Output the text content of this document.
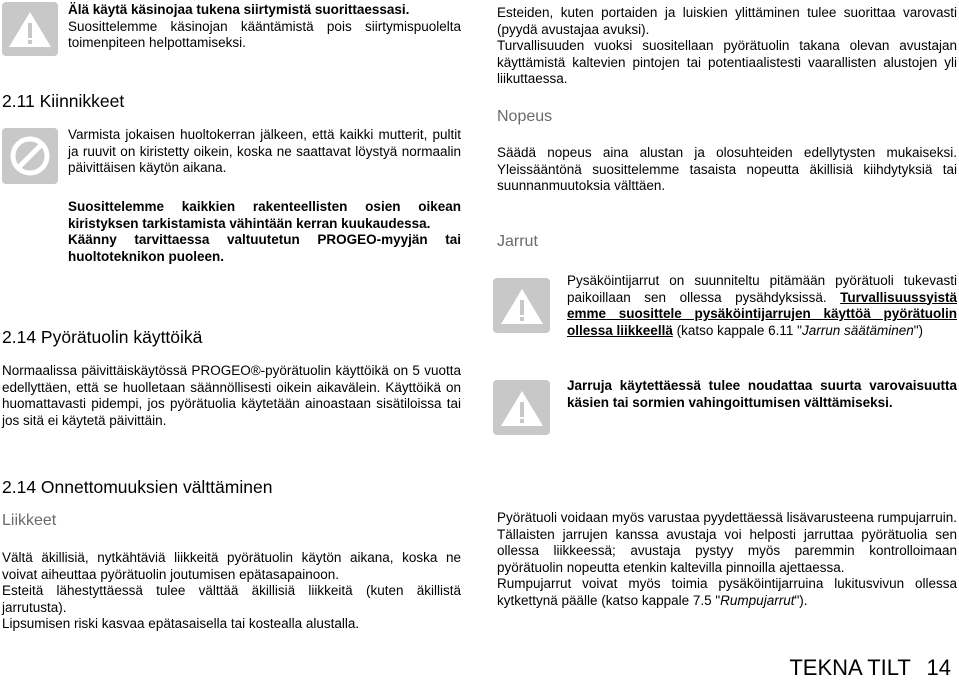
Älä käytä käsinojaa tukena siirtymistä suorittaessasi.

Suosittelemme käsinojan kääntämistä pois siirtymispuolelta toimenpiteen helpottamiseksi.

2.11 Kiinnikkeet

Varmista jokaisen huoltokerran jälkeen, että kaikki mutterit, pultit ja ruuvit on kiristetty oikein, koska ne saattavat löystyä normaalin päivittäisen käytön aikana.

Suosittelemme kaikkien rakenteellisten osien oikean kiristyksen tarkistamista vähintään kerran kuukaudessa.

Käänny tarvittaessa valtuutetun PROGEO-myyjän tai huoltoteknikon puoleen.

2.14 Pyörätuolin käyttöikä

Normaalissa päivittäiskäytössä PROGEO®-pyörätuolin käyttöikä on 5 vuotta edellyttäen, että se huolletaan säännöllisesti oikein aikavälein. Käyttöikä on huomattavasti pidempi, jos pyörätuolia käytetään ainoastaan sisätiloissa tai jos sitä ei käytetä päivittäin.

Esteiden, kuten portaiden ja luiskien ylittäminen tulee suorittaa varovasti (pyydä avustajaa avuksi).

Turvallisuuden vuoksi suositellaan pyörätuolin takana olevan avustajan käyttämistä kaltevien pintojen tai potentiaalistesti vaarallisten alustojen yli liikuttaessa.

Nopeus

Säädä nopeus aina alustan ja olosuhteiden edellytysten mukaiseksi. Yleissääntönä suosittelemme tasaista nopeutta äkillisiä kiihdytyksiä tai suunnanmuutoksia välttäen.

Jarrut

Pysäköintijarrut on suunniteltu pitämään pyörätuoli tukevasti paikoillaan sen ollessa pysähdyksissä. Turvallisuussyistä emme suosittele pysäköintijarrujen käyttöä pyörätuolin ollessa liikkeellä (katso kappale 6.11 "Jarrun säätäminen")

Jarruja käytettäessä tulee noudattaa suurta varovaisuutta käsien tai sormien vahingoittumisen välttämiseksi.

2.14 Onnettomuuksien välttäminen
Liikkeet

Vältä äkillisiä, nytkähtäviä liikkeitä pyörätuolin käytön aikana, koska ne voivat aiheuttaa pyörätuolin joutumisen epätasapainoon.

Esteitä lähestyttäessä tulee välttää äkillisiä liikkeitä (kuten äkillistä jarrutusta).

Lipsumisen riski kasvaa epätasaisella tai kostealla alustalla.

Pyörätuoli voidaan myös varustaa pyydettäessä lisävarusteena rumpujarruin. Tällaisten jarrujen kanssa avustaja voi helposti jarruttaa pyörätuolia sen ollessa liikkeessä; avustaja pystyy myös paremmin kontrolloimaan pyörätuolin nopeutta etenkin kaltevilla pinnoilla ajettaessa.

Rumpujarrut voivat myös toimia pysäköintijarruina lukitusvivun ollessa kytkettynä päälle (katso kappale 7.5 "Rumpujarrut").

TEKNA TILT 14
